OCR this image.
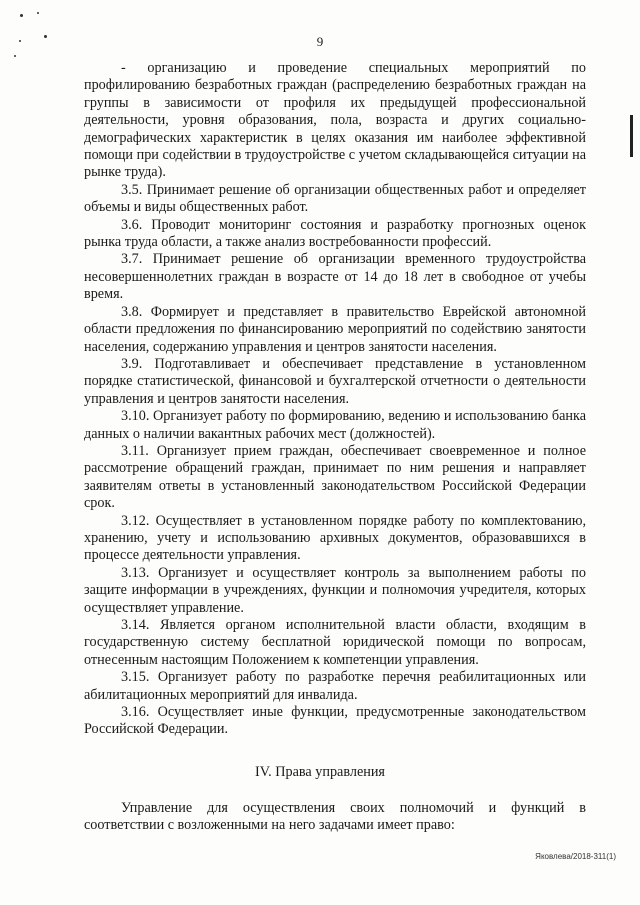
9

- организацию и проведение специальных мероприятий по профилированию безработных граждан (распределению безработных граждан на группы в зависимости от профиля их предыдущей профессиональной деятельности, уровня образования, пола, возраста и других социально-демографических характеристик в целях оказания им наиболее эффективной помощи при содействии в трудоустройстве с учетом складывающейся ситуации на рынке труда).

3.5. Принимает решение об организации общественных работ и определяет объемы и виды общественных работ.

3.6. Проводит мониторинг состояния и разработку прогнозных оценок рынка труда области, а также анализ востребованности профессий.

3.7. Принимает решение об организации временного трудоустройства несовершеннолетних граждан в возрасте от 14 до 18 лет в свободное от учебы время.

3.8. Формирует и представляет в правительство Еврейской автономной области предложения по финансированию мероприятий по содействию занятости населения, содержанию управления и центров занятости населения.

3.9. Подготавливает и обеспечивает представление в установленном порядке статистической, финансовой и бухгалтерской отчетности о деятельности управления и центров занятости населения.

3.10. Организует работу по формированию, ведению и использованию банка данных о наличии вакантных рабочих мест (должностей).

3.11. Организует прием граждан, обеспечивает своевременное и полное рассмотрение обращений граждан, принимает по ним решения и направляет заявителям ответы в установленный законодательством Российской Федерации срок.

3.12. Осуществляет в установленном порядке работу по комплектованию, хранению, учету и использованию архивных документов, образовавшихся в процессе деятельности управления.

3.13. Организует и осуществляет контроль за выполнением работы по защите информации в учреждениях, функции и полномочия учредителя, которых осуществляет управление.

3.14. Является органом исполнительной власти области, входящим в государственную систему бесплатной юридической помощи по вопросам, отнесенным настоящим Положением к компетенции управления.

3.15. Организует работу по разработке перечня реабилитационных или абилитационных мероприятий для инвалида.

3.16. Осуществляет иные функции, предусмотренные законодательством Российской Федерации.

IV. Права управления

Управление для осуществления своих полномочий и функций в соответствии с возложенными на него задачами имеет право:

Яковлева/2018-311(1)
